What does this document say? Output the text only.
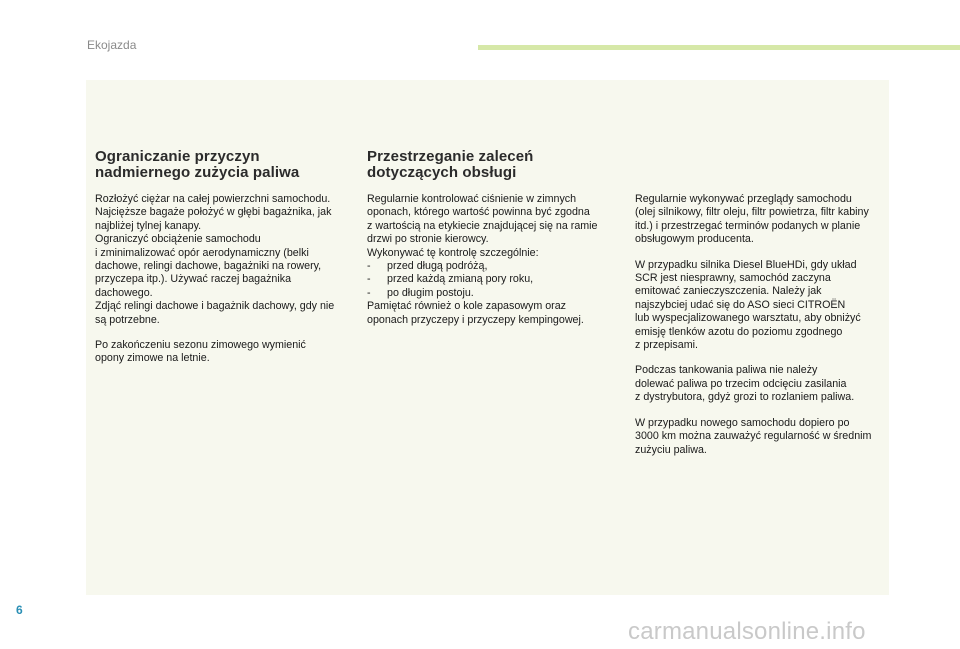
Ekojazda
Ograniczanie przyczyn
nadmiernego zużycia paliwa
Rozłożyć ciężar na całej powierzchni samochodu.
Najcięższe bagaże położyć w głębi bagażnika, jak
najbliżej tylnej kanapy.
Ograniczyć obciążenie samochodu
i zminimalizować opór aerodynamiczny (belki
dachowe, relingi dachowe, bagażniki na rowery,
przyczepa itp.). Używać raczej bagażnika
dachowego.
Zdjąć relingi dachowe i bagażnik dachowy, gdy nie
są potrzebne.
Po zakończeniu sezonu zimowego wymienić
opony zimowe na letnie.
Przestrzeganie zaleceń
dotyczących obsługi
Regularnie kontrolować ciśnienie w zimnych
oponach, którego wartość powinna być zgodna
z wartością na etykiecie znajdującej się na ramie
drzwi po stronie kierowcy.
Wykonywać tę kontrolę szczególnie:
- przed długą podróżą,
- przed każdą zmianą pory roku,
- po długim postoju.
Pamiętać również o kole zapasowym oraz
oponach przyczepy i przyczepy kempingowej.
Regularnie wykonywać przeglądy samochodu
(olej silnikowy, filtr oleju, filtr powietrza, filtr kabiny
itd.) i przestrzegać terminów podanych w planie
obsługowym producenta.
W przypadku silnika Diesel BlueHDi, gdy układ
SCR jest niesprawny, samochód zaczyna
emitować zanieczyszczenia. Należy jak
najszybciej udać się do ASO sieci CITROËN
lub wyspecjalizowanego warsztatu, aby obniżyć
emisję tlenków azotu do poziomu zgodnego
z przepisami.
Podczas tankowania paliwa nie należy
dolewać paliwa po trzecim odcięciu zasilania
z dystrybutora, gdyż grozi to rozlaniem paliwa.
W przypadku nowego samochodu dopiero po
3000 km można zauważyć regularność w średnim
zużyciu paliwa.
6
carmanualsonline.info
